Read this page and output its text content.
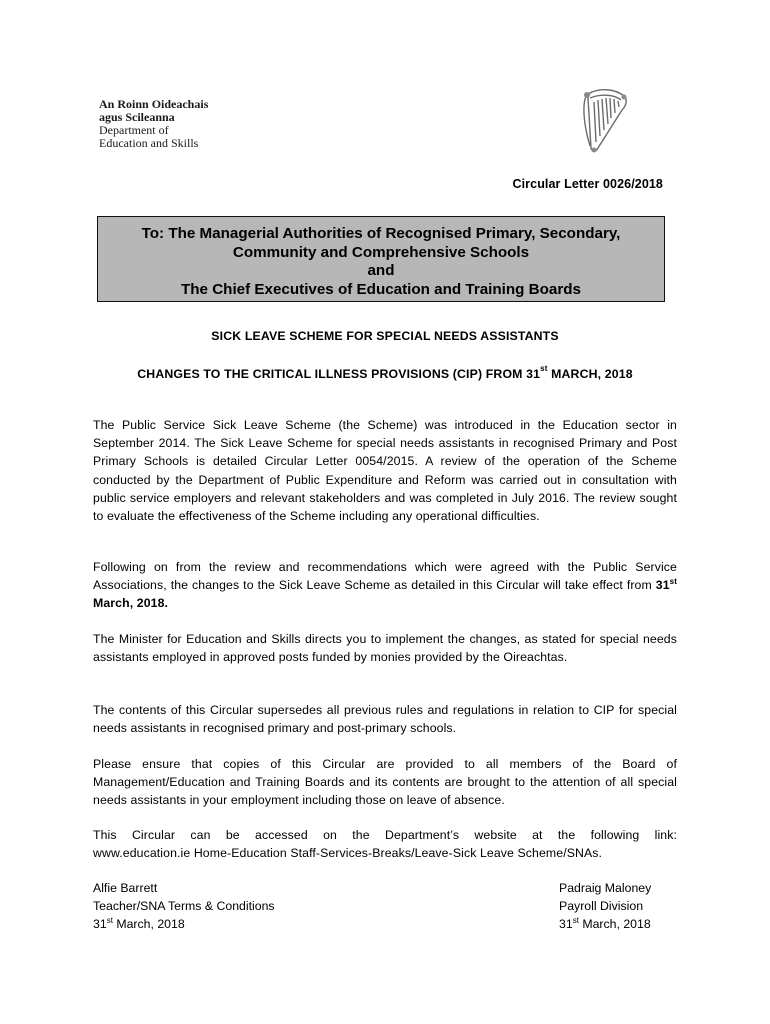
An Roinn Oideachais
agus Scileanna
Department of
Education and Skills
Circular Letter 0026/2018
To: The Managerial Authorities of Recognised Primary, Secondary,
Community and Comprehensive Schools
and
The Chief Executives of Education and Training Boards
SICK LEAVE SCHEME FOR SPECIAL NEEDS ASSISTANTS
CHANGES TO THE CRITICAL ILLNESS PROVISIONS (CIP) FROM 31st MARCH, 2018
The Public Service Sick Leave Scheme (the Scheme) was introduced in the Education sector in September 2014. The Sick Leave Scheme for special needs assistants in recognised Primary and Post Primary Schools is detailed Circular Letter 0054/2015. A review of the operation of the Scheme conducted by the Department of Public Expenditure and Reform was carried out in consultation with public service employers and relevant stakeholders and was completed in July 2016. The review sought to evaluate the effectiveness of the Scheme including any operational difficulties.
Following on from the review and recommendations which were agreed with the Public Service Associations, the changes to the Sick Leave Scheme as detailed in this Circular will take effect from 31st March, 2018.
The Minister for Education and Skills directs you to implement the changes, as stated for special needs assistants employed in approved posts funded by monies provided by the Oireachtas.
The contents of this Circular supersedes all previous rules and regulations in relation to CIP for special needs assistants in recognised primary and post-primary schools.
Please ensure that copies of this Circular are provided to all members of the Board of Management/Education and Training Boards and its contents are brought to the attention of all special needs assistants in your employment including those on leave of absence.
This Circular can be accessed on the Department’s website at the following link:
www.education.ie Home-Education Staff-Services-Breaks/Leave-Sick Leave Scheme/SNAs.
Alfie Barrett
Teacher/SNA Terms & Conditions
31st March, 2018
Padraig Maloney
Payroll Division
31st March, 2018
